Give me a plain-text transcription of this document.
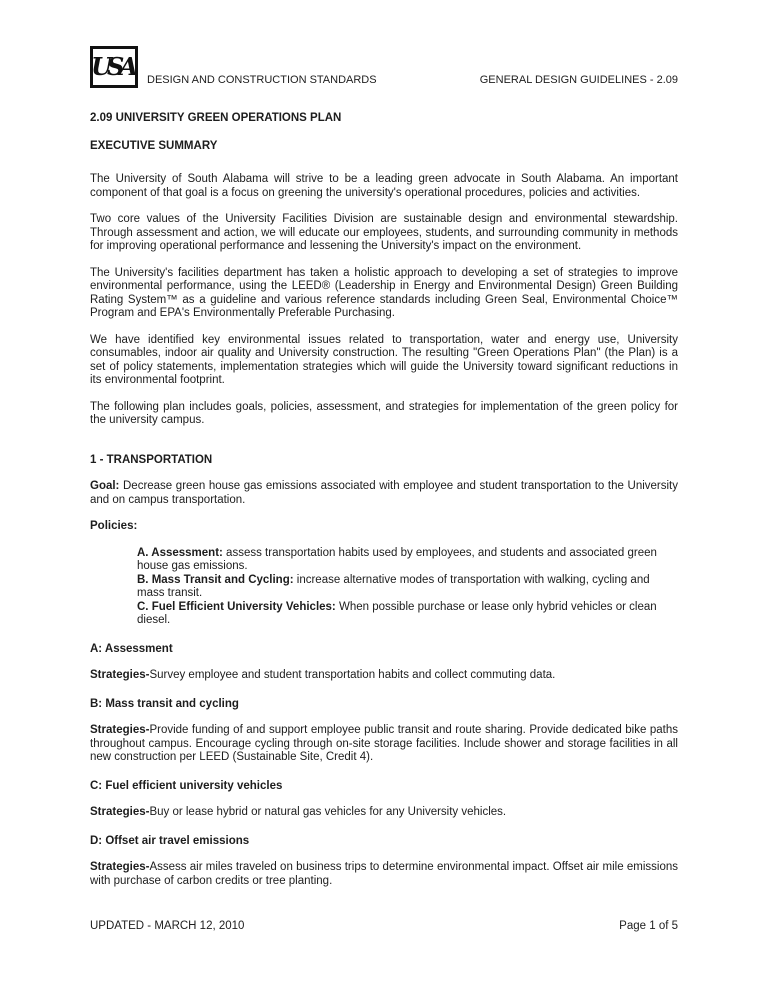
USA	DESIGN AND CONSTRUCTION STANDARDS	GENERAL DESIGN GUIDELINES - 2.09
2.09 UNIVERSITY GREEN OPERATIONS PLAN
EXECUTIVE SUMMARY

The University of South Alabama will strive to be a leading green advocate in South Alabama. An important component of that goal is a focus on greening the university's operational procedures, policies and activities.

Two core values of the University Facilities Division are sustainable design and environmental stewardship. Through assessment and action, we will educate our employees, students, and surrounding community in methods for improving operational performance and lessening the University's impact on the environment.

The University's facilities department has taken a holistic approach to developing a set of strategies to improve environmental performance, using the LEED® (Leadership in Energy and Environmental Design) Green Building Rating System™ as a guideline and various reference standards including Green Seal, Environmental Choice™ Program and EPA's Environmentally Preferable Purchasing.

We have identified key environmental issues related to transportation, water and energy use, University consumables, indoor air quality and University construction. The resulting "Green Operations Plan" (the Plan) is a set of policy statements, implementation strategies which will guide the University toward significant reductions in its environmental footprint.

The following plan includes goals, policies, assessment, and strategies for implementation of the green policy for the university campus.

1 - TRANSPORTATION

Goal: Decrease green house gas emissions associated with employee and student transportation to the University and on campus transportation.

Policies:

A. Assessment: assess transportation habits used by employees, and students and associated green house gas emissions.

B. Mass Transit and Cycling: increase alternative modes of transportation with walking, cycling and mass transit.

C. Fuel Efficient University Vehicles: When possible purchase or lease only hybrid vehicles or clean diesel.

A: Assessment

Strategies-Survey employee and student transportation habits and collect commuting data.

B: Mass transit and cycling

Strategies-Provide funding of and support employee public transit and route sharing. Provide dedicated bike paths throughout campus. Encourage cycling through on-site storage facilities. Include shower and storage facilities in all new construction per LEED (Sustainable Site, Credit 4).

C: Fuel efficient university vehicles

Strategies-Buy or lease hybrid or natural gas vehicles for any University vehicles.

D: Offset air travel emissions

Strategies-Assess air miles traveled on business trips to determine environmental impact. Offset air mile emissions with purchase of carbon credits or tree planting.

UPDATED - MARCH 12, 2010	Page 1 of 5
